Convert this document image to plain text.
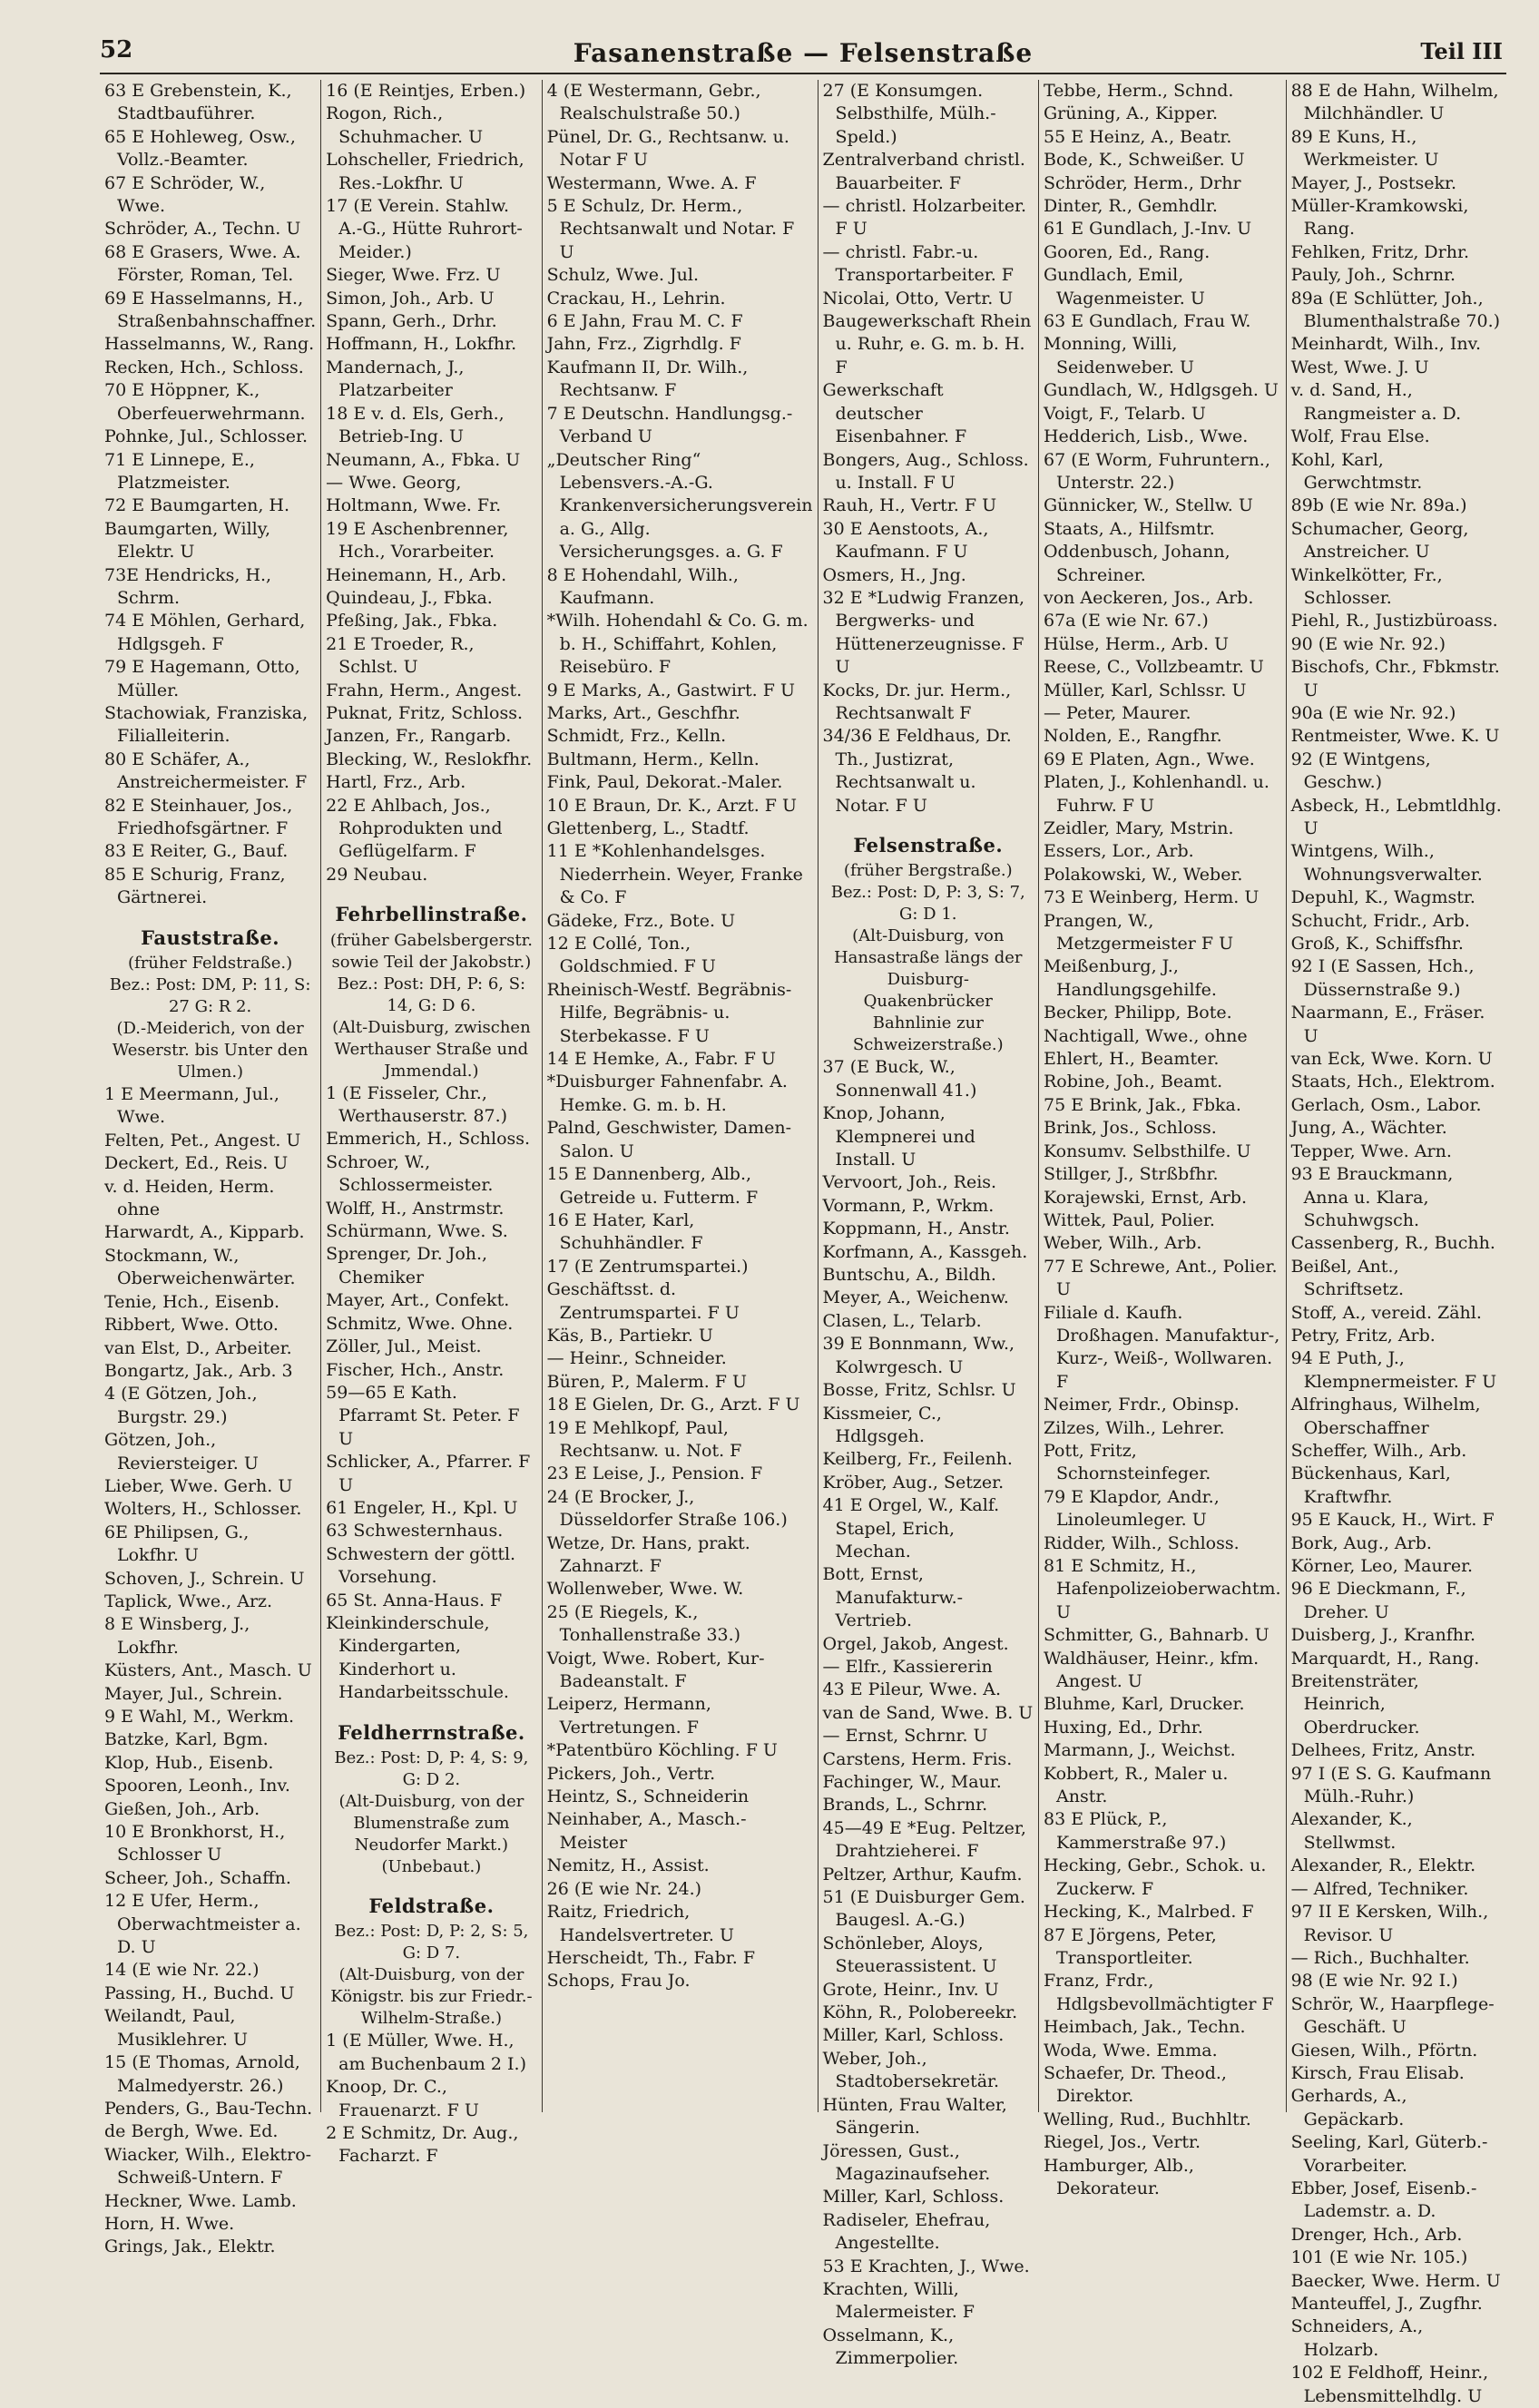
52	Fasanenstraße — Felsenstraße	Teil III
63 E Grebenstein, K., Stadtbauführer.
65 E Hohleweg, Osw., Vollz.-Beamter.
67 E Schröder, W., Wwe.
Schröder, A., Techn. U
68 E Grasers, Wwe. A. Förster, Roman, Tel.
69 E Hasselmanns, H., Straßenbahnschaffner.
Hasselmanns, W., Rang.
Recken, Hch., Schloss.
70 E Höppner, K., Oberfeuerwehrmann.
Pohnke, Jul., Schlosser.
71 E Linnepe, E., Platzmeister.
72 E Baumgarten, H.
Baumgarten, Willy, Elektr. U
73E Hendricks, H., Schrm.
74 E Möhlen, Gerhard, Hdlgsgeh. F
79 E Hagemann, Otto, Müller.
Stachowiak, Franziska, Filialleiterin.
80 E Schäfer, A., Anstreichermeister. F
82 E Steinhauer, Jos., Friedhofsgärtner. F
83 E Reiter, G., Bauf.
85 E Schurig, Franz, Gärtnerei.
Fauststraße.
(früher Feldstraße.)
Bez.: Post: DM, P: 11, S: 27 G: R 2.
(D.-Meiderich, von der Weserstr. bis Unter den Ulmen.)
1 E Meermann, Jul., Wwe.
Felten, Pet., Angest. U
Deckert, Ed., Reis. U
v. d. Heiden, Herm. ohne
Harwardt, A., Kipparb.
Stockmann, W., Oberweichenwärter.
Tenie, Hch., Eisenb.
Ribbert, Wwe. Otto.
van Elst, D., Arbeiter.
Bongartz, Jak., Arb. 3
4 (E Götzen, Joh., Burgstr. 29.)
Götzen, Joh., Reviersteiger. U
Lieber, Wwe. Gerh. U
Wolters, H., Schlosser.
6E Philipsen, G., Lokfhr. U
Schoven, J., Schrein. U
Taplick, Wwe., Arz.
8 E Winsberg, J., Lokfhr.
Küsters, Ant., Masch. U
Mayer, Jul., Schrein.
9 E Wahl, M., Werkm.
Batzke, Karl, Bgm.
Klop, Hub., Eisenb.
Spooren, Leonh., Inv.
Gießen, Joh., Arb.
10 E Bronkhorst, H., Schlosser U
Scheer, Joh., Schaffn.
12 E Ufer, Herm., Oberwachtmeister a. D. U
14 (E wie Nr. 22.)
Passing, H., Buchd. U
Weilandt, Paul, Musiklehrer. U
15 (E Thomas, Arnold, Malmedyerstr. 26.)
Penders, G., Bau-Techn.
de Bergh, Wwe. Ed.
Wiacker, Wilh., Elektro-Schweiß-Untern. F
Heckner, Wwe. Lamb.
Horn, H. Wwe.
Grings, Jak., Elektr.
16 (E Reintjes, Erben.)
Rogon, Rich., Schuhmacher. U
Lohscheller, Friedrich, Res.-Lokfhr. U
17 (E Verein. Stahlw. A.-G., Hütte Ruhrort-Meider.)
Sieger, Wwe. Frz. U
Simon, Joh., Arb. U
Spann, Gerh., Drhr.
Hoffmann, H., Lokfhr.
Mandernach, J., Platzarbeiter
18 E v. d. Els, Gerh., Betrieb-Ing. U
Neumann, A., Fbka. U
— Wwe. Georg,
Holtmann, Wwe. Fr.
19 E Aschenbrenner, Hch., Vorarbeiter.
Heinemann, H., Arb.
Quindeau, J., Fbka.
Pfeßing, Jak., Fbka.
21 E Troeder, R., Schlst. U
Frahn, Herm., Angest.
Puknat, Fritz, Schloss.
Janzen, Fr., Rangarb.
Blecking, W., Reslokfhr.
Hartl, Frz., Arb.
22 E Ahlbach, Jos., Rohprodukten und Geflügelfarm. F
29 Neubau.
Fehrbellinstraße.
(früher Gabelsbergerstr. sowie Teil der Jakobstr.)
Bez.: Post: DH, P: 6, S: 14, G: D 6.
(Alt-Duisburg, zwischen Werthauser Straße und Jmmendal.)
1 (E Fisseler, Chr., Werthauserstr. 87.)
Emmerich, H., Schloss.
Schroer, W., Schlossermeister.
Wolff, H., Anstrmstr.
Schürmann, Wwe. S.
Sprenger, Dr. Joh., Chemiker
Mayer, Art., Confekt.
Schmitz, Wwe. Ohne.
Zöller, Jul., Meist.
Fischer, Hch., Anstr.
59—65 E Kath. Pfarramt St. Peter. F U
Schlicker, A., Pfarrer. F U
61 Engeler, H., Kpl. U
63 Schwesternhaus.
Schwestern der göttl. Vorsehung.
65 St. Anna-Haus. F
Kleinkinderschule, Kindergarten, Kinderhort u. Handarbeitsschule.
Feldherrnstraße.
Bez.: Post: D, P: 4, S: 9, G: D 2.
(Alt-Duisburg, von der Blumenstraße zum Neudorfer Markt.)
(Unbebaut.)
Feldstraße.
Bez.: Post: D, P: 2, S: 5, G: D 7.
(Alt-Duisburg, von der Königstr. bis zur Friedr.-Wilhelm-Straße.)
1 (E Müller, Wwe. H., am Buchenbaum 2 I.)
Knoop, Dr. C., Frauenarzt. F U
2 E Schmitz, Dr. Aug., Facharzt. F
4 (E Westermann, Gebr., Realschulstraße 50.)
Pünel, Dr. G., Rechtsanw. u. Notar F U
Westermann, Wwe. A. F
5 E Schulz, Dr. Herm., Rechtsanwalt und Notar. F U
Schulz, Wwe. Jul.
Crackau, H., Lehrin.
6 E Jahn, Frau M. C. F
Jahn, Frz., Zigrhdlg. F
Kaufmann II, Dr. Wilh., Rechtsanw. F
7 E Deutschn. Handlungsg.-Verband U
„Deutscher Ring“ Lebensvers.-A.-G. Krankenversicherungsverein a. G., Allg. Versicherungsges. a. G. F
8 E Hohendahl, Wilh., Kaufmann.
*Wilh. Hohendahl & Co. G. m. b. H., Schiffahrt, Kohlen, Reisebüro. F
9 E Marks, A., Gastwirt. F U
Marks, Art., Geschfhr.
Schmidt, Frz., Kelln.
Bultmann, Herm., Kelln.
Fink, Paul, Dekorat.-Maler.
10 E Braun, Dr. K., Arzt. F U
Glettenberg, L., Stadtf.
11 E *Kohlenhandelsges. Niederrhein. Weyer, Franke & Co. F
Gädeke, Frz., Bote. U
12 E Collé, Ton., Goldschmied. F U
Rheinisch-Westf. Begräbnis-Hilfe, Begräbnis- u. Sterbekasse. F U
14 E Hemke, A., Fabr. F U
*Duisburger Fahnenfabr. A. Hemke. G. m. b. H.
Palnd, Geschwister, Damen-Salon. U
15 E Dannenberg, Alb., Getreide u. Futterm. F
16 E Hater, Karl, Schuhhändler. F
17 (E Zentrumspartei.)
Geschäftsst. d. Zentrumspartei. F U
Käs, B., Partiekr. U
— Heinr., Schneider.
Büren, P., Malerm. F U
18 E Gielen, Dr. G., Arzt. F U
19 E Mehlkopf, Paul, Rechtsanw. u. Not. F
23 E Leise, J., Pension. F
24 (E Brocker, J., Düsseldorfer Straße 106.)
Wetze, Dr. Hans, prakt. Zahnarzt. F
Wollenweber, Wwe. W.
25 (E Riegels, K., Tonhallenstraße 33.)
Voigt, Wwe. Robert, Kur-Badeanstalt. F
Leiperz, Hermann, Vertretungen. F
*Patentbüro Köchling. F U
Pickers, Joh., Vertr.
Heintz, S., Schneiderin
Neinhaber, A., Masch.-Meister
Nemitz, H., Assist.
26 (E wie Nr. 24.)
Raitz, Friedrich, Handelsvertreter. U
Herscheidt, Th., Fabr. F
Schops, Frau Jo.
27 (E Konsumgen. Selbsthilfe, Mülh.-Speld.)
Zentralverband christl. Bauarbeiter. F
— christl. Holzarbeiter. F U
— christl. Fabr.-u. Transportarbeiter. F
Nicolai, Otto, Vertr. U
Baugewerkschaft Rhein u. Ruhr, e. G. m. b. H. F
Gewerkschaft deutscher Eisenbahner. F
Bongers, Aug., Schloss. u. Install. F U
Rauh, H., Vertr. F U
30 E Aenstoots, A., Kaufmann. F U
Osmers, H., Jng.
32 E *Ludwig Franzen, Bergwerks- und Hüttenerzeugnisse. F U
Kocks, Dr. jur. Herm., Rechtsanwalt F
34/36 E Feldhaus, Dr. Th., Justizrat, Rechtsanwalt u. Notar. F U
Felsenstraße.
(früher Bergstraße.)
Bez.: Post: D, P: 3, S: 7, G: D 1.
(Alt-Duisburg, von Hansastraße längs der Duisburg-Quakenbrücker Bahnlinie zur Schweizerstraße.)
37 (E Buck, W., Sonnenwall 41.)
Knop, Johann, Klempnerei und Install. U
Vervoort, Joh., Reis.
Vormann, P., Wrkm.
Koppmann, H., Anstr.
Korfmann, A., Kassgeh.
Buntschu, A., Bildh.
Meyer, A., Weichenw.
Clasen, L., Telarb.
39 E Bonnmann, Ww., Kolwrgesch. U
Bosse, Fritz, Schlsr. U
Kissmeier, C., Hdlgsgeh.
Keilberg, Fr., Feilenh.
Kröber, Aug., Setzer.
41 E Orgel, W., Kalf. Stapel, Erich, Mechan.
Bott, Ernst, Manufakturw.-Vertrieb.
Orgel, Jakob, Angest.
— Elfr., Kassiererin
43 E Pileur, Wwe. A.
van de Sand, Wwe. B. U
— Ernst, Schrnr. U
Carstens, Herm. Fris.
Fachinger, W., Maur.
Brands, L., Schrnr.
45—49 E *Eug. Peltzer, Drahtzieherei. F
Peltzer, Arthur, Kaufm.
51 (E Duisburger Gem. Baugesl. A.-G.)
Schönleber, Aloys, Steuerassistent. U
Grote, Heinr., Inv. U
Köhn, R., Polobereekr.
Miller, Karl, Schloss.
Weber, Joh., Stadtobersekretär.
Hünten, Frau Walter, Sängerin.
Jöressen, Gust., Magazinaufseher.
Miller, Karl, Schloss.
Radiseler, Ehefrau, Angestellte.
53 E Krachten, J., Wwe.
Krachten, Willi, Malermeister. F
Osselmann, K., Zimmerpolier.
Tebbe, Herm., Schnd.
Grüning, A., Kipper.
55 E Heinz, A., Beatr.
Bode, K., Schweißer. U
Schröder, Herm., Drhr
Dinter, R., Gemhdlr.
61 E Gundlach, J.-Inv. U
Gooren, Ed., Rang.
Gundlach, Emil, Wagenmeister. U
63 E Gundlach, Frau W.
Monning, Willi, Seidenweber. U
Gundlach, W., Hdlgsgeh. U
Voigt, F., Telarb. U
Hedderich, Lisb., Wwe.
67 (E Worm, Fuhruntern., Unterstr. 22.)
Günnicker, W., Stellw. U
Staats, A., Hilfsmtr.
Oddenbusch, Johann, Schreiner.
von Aeckeren, Jos., Arb.
67a (E wie Nr. 67.)
Hülse, Herm., Arb. U
Reese, C., Vollzbeamtr. U
Müller, Karl, Schlssr. U
— Peter, Maurer.
Nolden, E., Rangfhr.
69 E Platen, Agn., Wwe.
Platen, J., Kohlenhandl. u. Fuhrw. F U
Zeidler, Mary, Mstrin.
Essers, Lor., Arb.
Polakowski, W., Weber.
73 E Weinberg, Herm. U
Prangen, W., Metzgermeister F U
Meißenburg, J., Handlungsgehilfe.
Becker, Philipp, Bote.
Nachtigall, Wwe., ohne
Ehlert, H., Beamter.
Robine, Joh., Beamt.
75 E Brink, Jak., Fbka.
Brink, Jos., Schloss.
Konsumv. Selbsthilfe. U
Stillger, J., Strßbfhr.
Korajewski, Ernst, Arb.
Wittek, Paul, Polier.
Weber, Wilh., Arb.
77 E Schrewe, Ant., Polier. U
Filiale d. Kaufh. Droßhagen. Manufaktur-, Kurz-, Weiß-, Wollwaren. F
Neimer, Frdr., Obinsp.
Zilzes, Wilh., Lehrer.
Pott, Fritz, Schornsteinfeger.
79 E Klapdor, Andr., Linoleumleger. U
Ridder, Wilh., Schloss.
81 E Schmitz, H., Hafenpolizeioberwachtm. U
Schmitter, G., Bahnarb. U
Waldhäuser, Heinr., kfm. Angest. U
Bluhme, Karl, Drucker.
Huxing, Ed., Drhr.
Marmann, J., Weichst.
Kobbert, R., Maler u. Anstr.
83 E Plück, P., Kammerstraße 97.)
Hecking, Gebr., Schok. u. Zuckerw. F
Hecking, K., Malrbed. F
87 E Jörgens, Peter, Transportleiter.
Franz, Frdr., Hdlgsbevollmächtigter F
Heimbach, Jak., Techn.
Woda, Wwe. Emma.
Schaefer, Dr. Theod., Direktor.
Welling, Rud., Buchhltr.
Riegel, Jos., Vertr.
Hamburger, Alb., Dekorateur.
88 E de Hahn, Wilhelm, Milchhändler. U
89 E Kuns, H., Werkmeister. U
Mayer, J., Postsekr.
Müller-Kramkowski, Rang.
Fehlken, Fritz, Drhr.
Pauly, Joh., Schrnr.
89a (E Schlütter, Joh., Blumenthalstraße 70.)
Meinhardt, Wilh., Inv.
West, Wwe. J. U
v. d. Sand, H., Rangmeister a. D.
Wolf, Frau Else.
Kohl, Karl, Gerwchtmstr.
89b (E wie Nr. 89a.)
Schumacher, Georg, Anstreicher. U
Winkelkötter, Fr., Schlosser.
Piehl, R., Justizbüroass.
90 (E wie Nr. 92.)
Bischofs, Chr., Fbkmstr. U
90a (E wie Nr. 92.)
Rentmeister, Wwe. K. U
92 (E Wintgens, Geschw.)
Asbeck, H., Lebmtldhlg. U
Wintgens, Wilh., Wohnungsverwalter.
Depuhl, K., Wagmstr.
Schucht, Fridr., Arb.
Groß, K., Schiffsfhr.
92 I (E Sassen, Hch., Düssernstraße 9.)
Naarmann, E., Fräser. U
van Eck, Wwe. Korn. U
Staats, Hch., Elektrom.
Gerlach, Osm., Labor.
Jung, A., Wächter.
Tepper, Wwe. Arn.
93 E Brauckmann, Anna u. Klara, Schuhwgsch.
Cassenberg, R., Buchh.
Beißel, Ant., Schriftsetz.
Stoff, A., vereid. Zähl.
Petry, Fritz, Arb.
94 E Puth, J., Klempnermeister. F U
Alfringhaus, Wilhelm, Oberschaffner
Scheffer, Wilh., Arb.
Bückenhaus, Karl, Kraftwfhr.
95 E Kauck, H., Wirt. F
Bork, Aug., Arb.
Körner, Leo, Maurer.
96 E Dieckmann, F., Dreher. U
Duisberg, J., Kranfhr.
Marquardt, H., Rang.
Breitensträter, Heinrich, Oberdrucker.
Delhees, Fritz, Anstr.
97 I (E S. G. Kaufmann Mülh.-Ruhr.)
Alexander, K., Stellwmst.
Alexander, R., Elektr.
— Alfred, Techniker.
97 II E Kersken, Wilh., Revisor. U
— Rich., Buchhalter.
98 (E wie Nr. 92 I.)
Schrör, W., Haarpflege-Geschäft. U
Giesen, Wilh., Pförtn.
Kirsch, Frau Elisab.
Gerhards, A., Gepäckarb.
Seeling, Karl, Güterb.-Vorarbeiter.
Ebber, Josef, Eisenb.-Lademstr. a. D.
Drenger, Hch., Arb.
101 (E wie Nr. 105.)
Baecker, Wwe. Herm. U
Manteuffel, J., Zugfhr.
Schneiders, A., Holzarb.
102 E Feldhoff, Heinr., Lebensmittelhdlg. U
